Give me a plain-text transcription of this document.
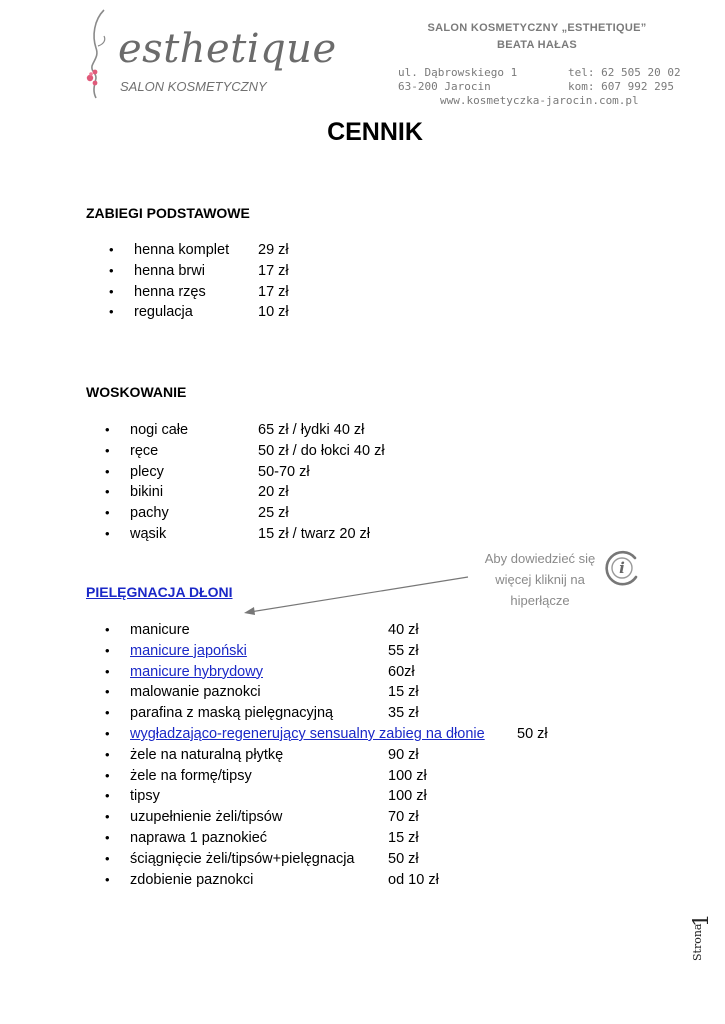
esthetique
SALON KOSMETYCZNY
SALON KOSMETYCZNY „ESTHETIQUE”
BEATA HAŁAS
ul. Dąbrowskiego 1	tel: 62 505 20 02
63-200 Jarocin	kom: 607 992 295
www.kosmetyczka-jarocin.com.pl
CENNIK
ZABIEGI PODSTAWOWE
• henna komplet 29 zł
• henna brwi	17 zł
• henna rzęs	17 zł
• regulacja	10 zł
WOSKOWANIE
• nogi całe	65 zł / łydki 40 zł
• ręce	50 zł / do łokci 40 zł
• plecy	50-70 zł
• bikini	20 zł
• pachy	25 zł
• wąsik	15 zł / twarz 20 zł
Aby dowiedzieć się
więcej kliknij na
hiperłącze
i
PIELĘGNACJA DŁONI
• manicure	40 zł
• manicure japoński	55 zł
• manicure hybrydowy	60zł
• malowanie paznokci	15 zł
• parafina z maską pielęgnacyjną	35 zł
• wygładzająco-regenerujący sensualny zabieg na dłonie 50 zł
• żele na naturalną płytkę	90 zł
• żele na formę/tipsy	100 zł
• tipsy	100 zł
• uzupełnienie żeli/tipsów	70 zł
• naprawa 1 paznokieć	15 zł
• ściągnięcie żeli/tipsów+pielęgnacja 50 zł
• zdobienie paznokci	od 10 zł
Strona
1
